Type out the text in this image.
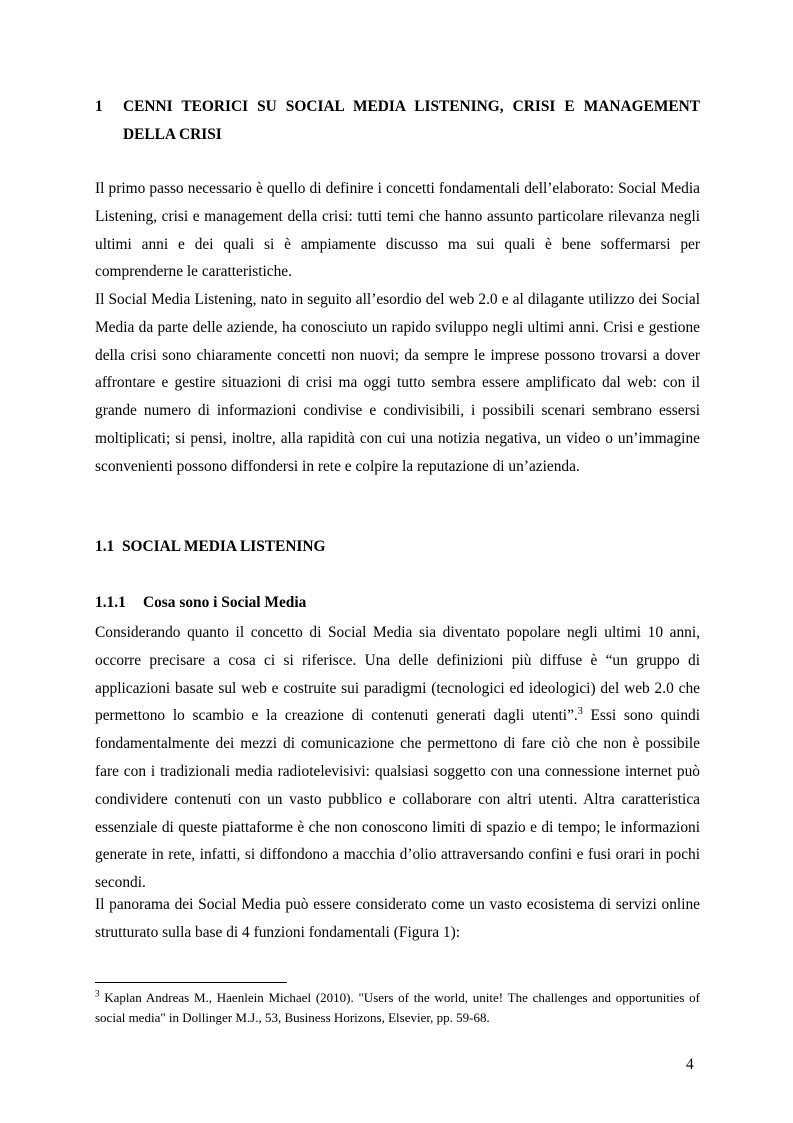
1	CENNI TEORICI SU SOCIAL MEDIA LISTENING, CRISI E MANAGEMENT DELLA CRISI

Il primo passo necessario è quello di definire i concetti fondamentali dell’elaborato: Social Media Listening, crisi e management della crisi: tutti temi che hanno assunto particolare rilevanza negli ultimi anni e dei quali si è ampiamente discusso ma sui quali è bene soffermarsi per comprenderne le caratteristiche.

Il Social Media Listening, nato in seguito all’esordio del web 2.0 e al dilagante utilizzo dei Social Media da parte delle aziende, ha conosciuto un rapido sviluppo negli ultimi anni. Crisi e gestione della crisi sono chiaramente concetti non nuovi; da sempre le imprese possono trovarsi a dover affrontare e gestire situazioni di crisi ma oggi tutto sembra essere amplificato dal web: con il grande numero di informazioni condivise e condivisibili, i possibili scenari sembrano essersi moltiplicati; si pensi, inoltre, alla rapidità con cui una notizia negativa, un video o un’immagine sconvenienti possono diffondersi in rete e colpire la reputazione di un’azienda.

1.1 SOCIAL MEDIA LISTENING
1.1.1 Cosa sono i Social Media

Considerando quanto il concetto di Social Media sia diventato popolare negli ultimi 10 anni, occorre precisare a cosa ci si riferisce. Una delle definizioni più diffuse è “un gruppo di applicazioni basate sul web e costruite sui paradigmi (tecnologici ed ideologici) del web 2.0 che permettono lo scambio e la creazione di contenuti generati dagli utenti”.$^3$ Essi sono quindi fondamentalmente dei mezzi di comunicazione che permettono di fare ciò che non è possibile fare con i tradizionali media radiotelevisivi: qualsiasi soggetto con una connessione internet può condividere contenuti con un vasto pubblico e collaborare con altri utenti. Altra caratteristica essenziale di queste piattaforme è che non conoscono limiti di spazio e di tempo; le informazioni generate in rete, infatti, si diffondono a macchia d’olio attraversando confini e fusi orari in pochi secondi.

Il panorama dei Social Media può essere considerato come un vasto ecosistema di servizi online strutturato sulla base di 4 funzioni fondamentali (Figura 1):

$^3$ Kaplan Andreas M., Haenlein Michael (2010). "Users of the world, unite! The challenges and opportunities of social media" in Dollinger M.J., 53, Business Horizons, Elsevier, pp. 59-68.
4
